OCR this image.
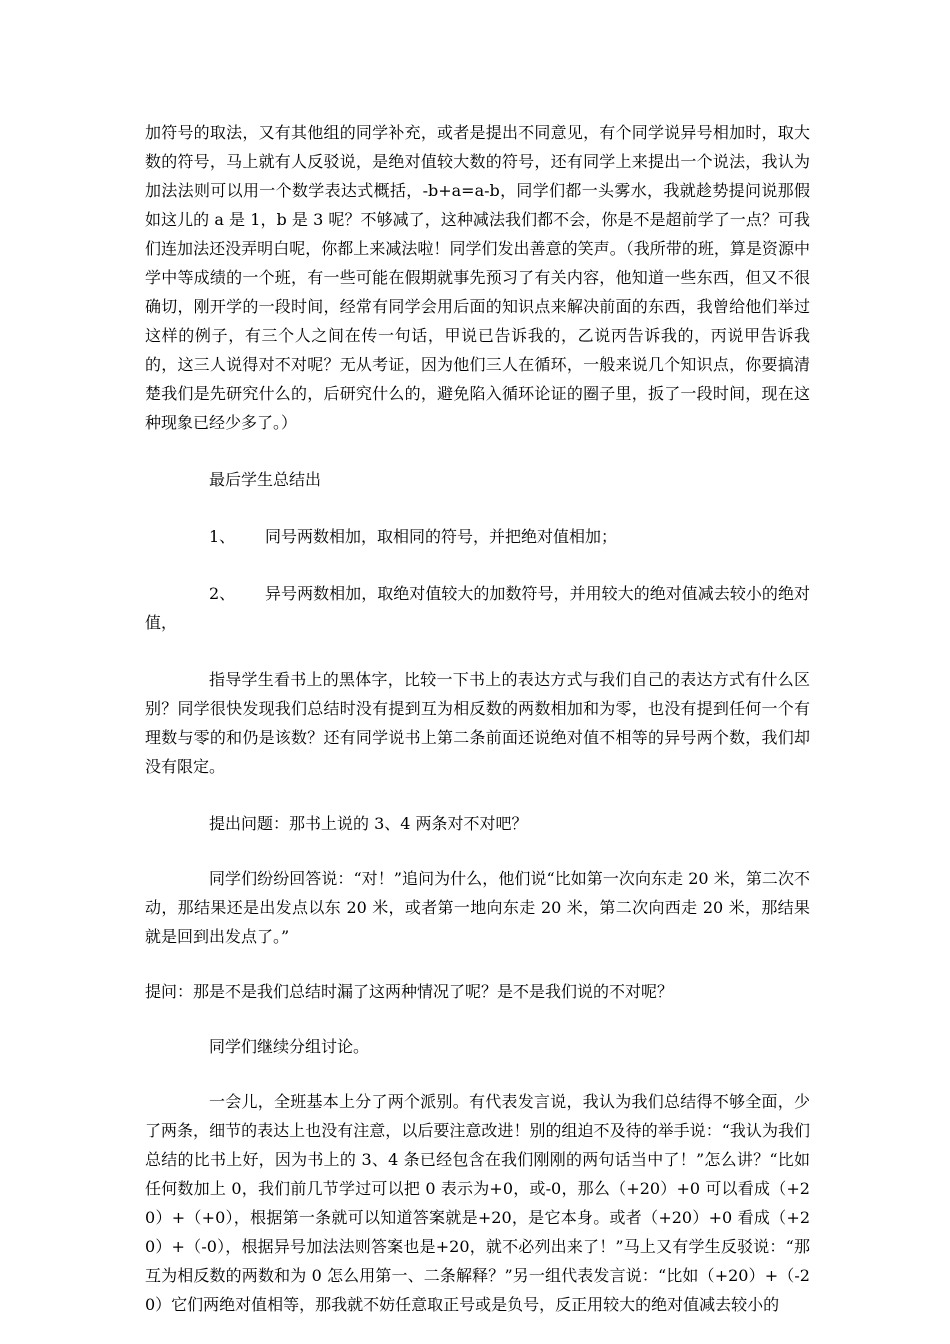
加符号的取法，又有其他组的同学补充，或者是提出不同意见，有个同学说异号相加时，取大数的符号，马上就有人反驳说，是绝对值较大数的符号，还有同学上来提出一个说法，我认为加法法则可以用一个数学表达式概括，-b+a=a-b，同学们都一头雾水，我就趁势提问说那假如这儿的 a 是 1，b 是 3 呢？不够减了，这种减法我们都不会，你是不是超前学了一点？可我们连加法还没弄明白呢，你都上来减法啦！同学们发出善意的笑声。（我所带的班，算是资源中学中等成绩的一个班，有一些可能在假期就事先预习了有关内容，他知道一些东西，但又不很确切，刚开学的一段时间，经常有同学会用后面的知识点来解决前面的东西，我曾给他们举过这样的例子，有三个人之间在传一句话，甲说已告诉我的，乙说丙告诉我的，丙说甲告诉我的，这三人说得对不对呢？无从考证，因为他们三人在循环，一般来说几个知识点，你要搞清楚我们是先研究什么的，后研究什么的，避免陷入循环论证的圈子里，扳了一段时间，现在这种现象已经少多了。）

最后学生总结出

1、 同号两数相加，取相同的符号，并把绝对值相加；

2、 异号两数相加，取绝对值较大的加数符号，并用较大的绝对值减去较小的绝对值，

指导学生看书上的黑体字，比较一下书上的表达方式与我们自己的表达方式有什么区别？同学很快发现我们总结时没有提到互为相反数的两数相加和为零，也没有提到任何一个有理数与零的和仍是该数？还有同学说书上第二条前面还说绝对值不相等的异号两个数，我们却没有限定。

提出问题：那书上说的 3、4 两条对不对吧？

同学们纷纷回答说：“对！”追问为什么，他们说“比如第一次向东走 20 米，第二次不动，那结果还是出发点以东 20 米，或者第一地向东走 20 米，第二次向西走 20 米，那结果就是回到出发点了。”

提问：那是不是我们总结时漏了这两种情况了呢？是不是我们说的不对呢？

同学们继续分组讨论。

一会儿，全班基本上分了两个派别。有代表发言说，我认为我们总结得不够全面，少了两条，细节的表达上也没有注意，以后要注意改进！别的组迫不及待的举手说：“我认为我们总结的比书上好，因为书上的 3、4 条已经包含在我们刚刚的两句话当中了！”怎么讲？“比如任何数加上 0，我们前几节学过可以把 0 表示为+0，或-0，那么（+20）+0 可以看成（+20）+（+0），根据第一条就可以知道答案就是+20，是它本身。或者（+20）+0 看成（+20）+（-0），根据异号加法法则答案也是+20，就不必列出来了！”马上又有学生反驳说：“那互为相反数的两数和为 0 怎么用第一、二条解释？”另一组代表发言说：“比如（+20）+（-20）它们两绝对值相等，那我就不妨任意取正号或是负号，反正用较大的绝对值减去较小的
